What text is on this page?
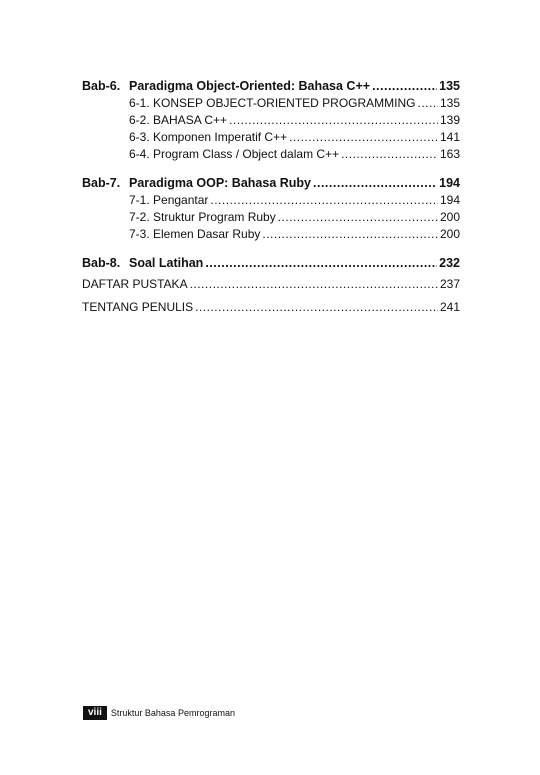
Bab-6. Paradigma Object-Oriented: Bahasa C++ .....	135
6-1. KONSEP OBJECT-ORIENTED PROGRAMMING ..... 135
6-2. BAHASA C++ .....	139
6-3. Komponen Imperatif C++ .....	141
6-4. Program Class / Object dalam C++ .....	163
Bab-7. Paradigma OOP: Bahasa Ruby .....	194
7-1. Pengantar .....	194
7-2. Struktur Program Ruby .....	200
7-3. Elemen Dasar Ruby .....	200
Bab-8. Soal Latihan .....	232
DAFTAR PUSTAKA .....	237
TENTANG PENULIS .....	241
viii	Struktur Bahasa Pemrograman
